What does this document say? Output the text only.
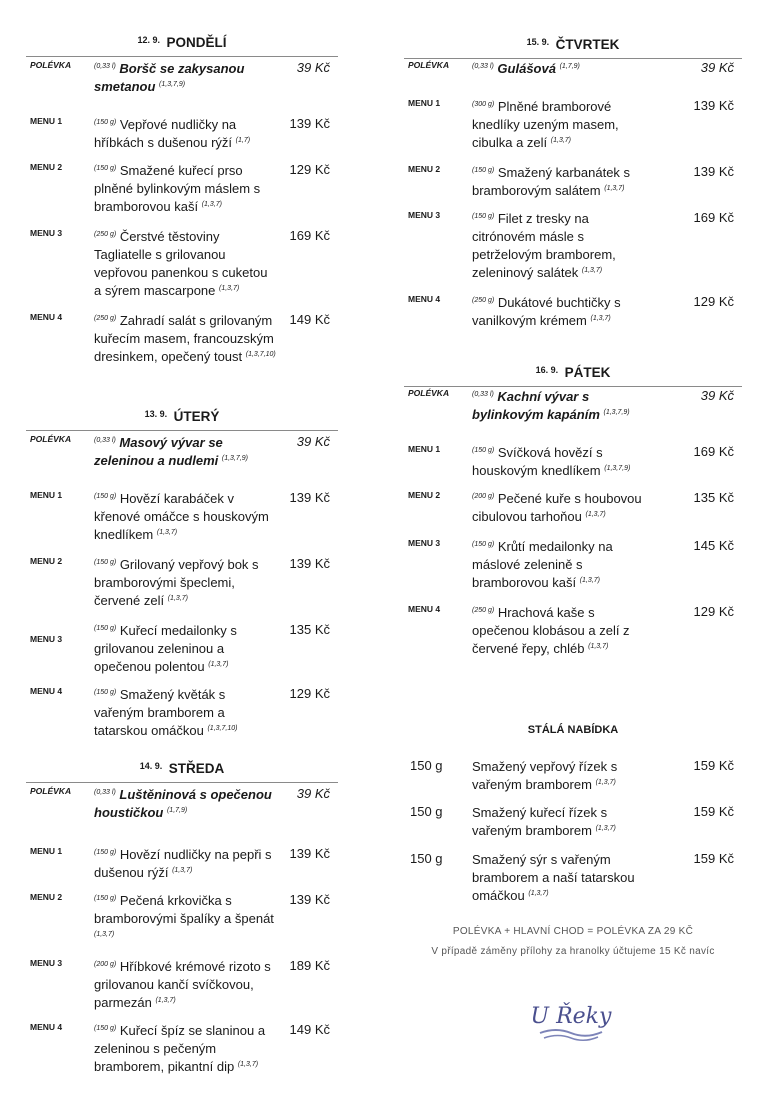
$^{12. 9.}$ PONDĚLÍ
POLÉVKA	$^{(0,33 l)}$ Boršč se zakysanou smetanou $^{(1,3,7,9)}$
39 Kč
MENU 1	$^{(150 g)}$ Vepřové nudličky na hříbkách s dušenou rýží $^{(1,7)}$
139 Kč
MENU 2	$^{(150 g)}$ Smažené kuřecí prso plněné bylinkovým máslem s bramborovou kaší $^{(1,3,7)}$
129 Kč
MENU 3	$^{(250 g)}$ Čerstvé těstoviny Tagliatelle s grilovanou vepřovou panenkou s cuketou a sýrem mascarpone $^{(1,3,7)}$
169 Kč
MENU 4	$^{(250 g)}$ Zahradí salát s grilovaným kuřecím masem, francouzským dresinkem, opečený toust $^{(1,3,7,10)}$
149 Kč
$^{13. 9.}$ ÚTERÝ
POLÉVKA	$^{(0,33 l)}$ Masový vývar se zeleninou a nudlemi $^{(1,3,7,9)}$
39 Kč
MENU 1	$^{(150 g)}$ Hovězí karabáček v křenové omáčce s houskovým knedlíkem $^{(1,3,7)}$
139 Kč
MENU 2	$^{(150 g)}$ Grilovaný vepřový bok s bramborovými špeclemi, červené zelí $^{(1,3,7)}$
139 Kč
MENU 3
$^{(150 g)}$ Kuřecí medailonky s grilovanou zeleninou a opečenou polentou $^{(1,3,7)}$
135 Kč
MENU 4	$^{(150 g)}$ Smažený květák s vařeným bramborem a tatarskou omáčkou $^{(1,3,7,10)}$
129 Kč
$^{14. 9.}$ STŘEDA
POLÉVKA	$^{(0,33 l)}$ Luštěninová s opečenou houstičkou $^{(1,7,9)}$
39 Kč
MENU 1	$^{(150 g)}$ Hovězí nudličky na pepři s dušenou rýží $^{(1,3,7)}$
139 Kč
MENU 2	$^{(150 g)}$ Pečená krkovička s bramborovými špalíky a špenát $^{(1,3,7)}$
139 Kč
MENU 3	$^{(200 g)}$ Hříbkové krémové rizoto s grilovanou kančí svíčkovou, parmezán $^{(1,3,7)}$
189 Kč
MENU 4	$^{(150 g)}$ Kuřecí špíz se slaninou a zeleninou s pečeným bramborem, pikantní dip $^{(1,3,7)}$
149 Kč
$^{15. 9.}$ ČTVRTEK
POLÉVKA	$^{(0,33 l)}$ Gulášová $^{(1,7,9)}$	39 Kč
MENU 1	$^{(300 g)}$ Plněné bramborové knedlíky uzeným masem, cibulka a zelí $^{(1,3,7)}$
139 Kč
MENU 2	$^{(150 g)}$ Smažený karbanátek s bramborovým salátem $^{(1,3,7)}$
139 Kč
MENU 3	$^{(150 g)}$ Filet z tresky na citrónovém másle s petrželovým bramborem, zeleninový salátek $^{(1,3,7)}$
169 Kč
MENU 4	$^{(250 g)}$ Dukátové buchtičky s vanilkovým krémem $^{(1,3,7)}$
129 Kč
$^{16. 9.}$ PÁTEK
POLÉVKA	$^{(0,33 l)}$ Kachní vývar s bylinkovým kapáním $^{(1,3,7,9)}$
39 Kč
MENU 1	$^{(150 g)}$ Svíčková hovězí s houskovým knedlíkem $^{(1,3,7,9)}$
169 Kč
MENU 2	$^{(200 g)}$ Pečené kuře s houbovou cibulovou tarhoňou $^{(1,3,7)}$
135 Kč
MENU 3	$^{(150 g)}$ Krůtí medailonky na máslové zelenině s bramborovou kaší $^{(1,3,7)}$
145 Kč
MENU 4	$^{(250 g)}$ Hrachová kaše s opečenou klobásou a zelí z červené řepy, chléb $^{(1,3,7)}$
129 Kč
STÁLÁ NABÍDKA
150 g Smažený vepřový řízek s vařeným bramborem $^{(1,3,7)}$
159 Kč
150 g Smažený kuřecí řízek s vařeným bramborem $^{(1,3,7)}$
159 Kč
150 g Smažený sýr s vařeným bramborem a naší tatarskou omáčkou $^{(1,3,7)}$
159 Kč
POLÉVKA + HLAVNÍ CHOD = POLÉVKA ZA 29 KČ
V případě záměny přílohy za hranolky účtujeme 15 Kč navíc
U Řeky
